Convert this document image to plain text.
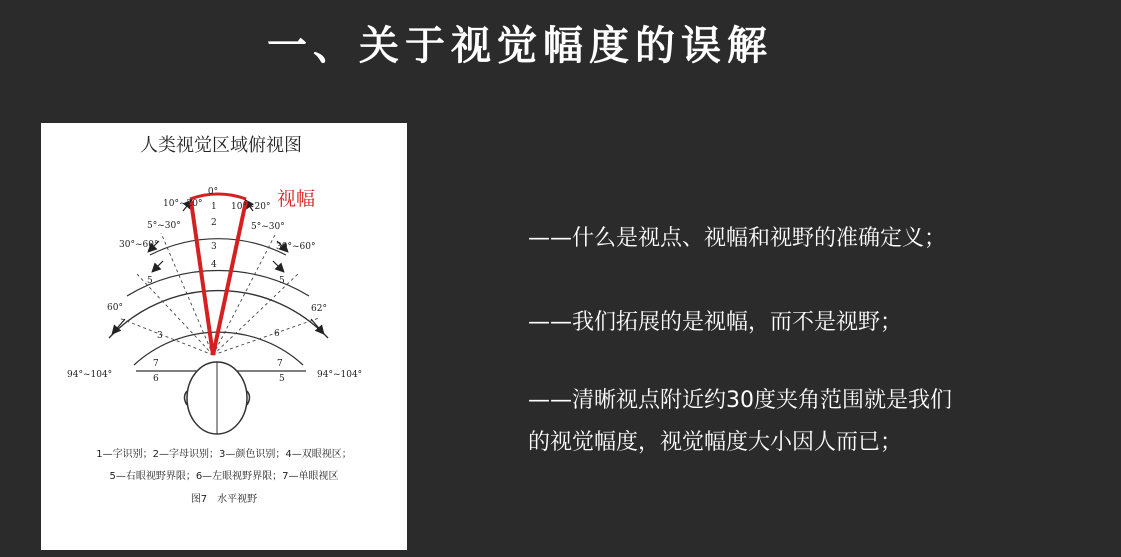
一、关于视觉幅度的误解
人类视觉区域俯视图
0°
10°~20°	10°~20°
5°~30°	5°~30°
30°~60°	30°~60°
60°	62°
94°~104°	94°~104°
1
2
3
4
3
5	5
6
6
7	7
5
视幅
1—字识别；2—字母识别；3—颜色识别；4—双眼视区；
5—右眼视野界限；6—左眼视野界限；7—单眼视区
图7　水平视野

——什么是视点、视幅和视野的准确定义；

——我们拓展的是视幅，而不是视野；

——清晰视点附近约30度夹角范围就是我们

的视觉幅度，视觉幅度大小因人而已；
